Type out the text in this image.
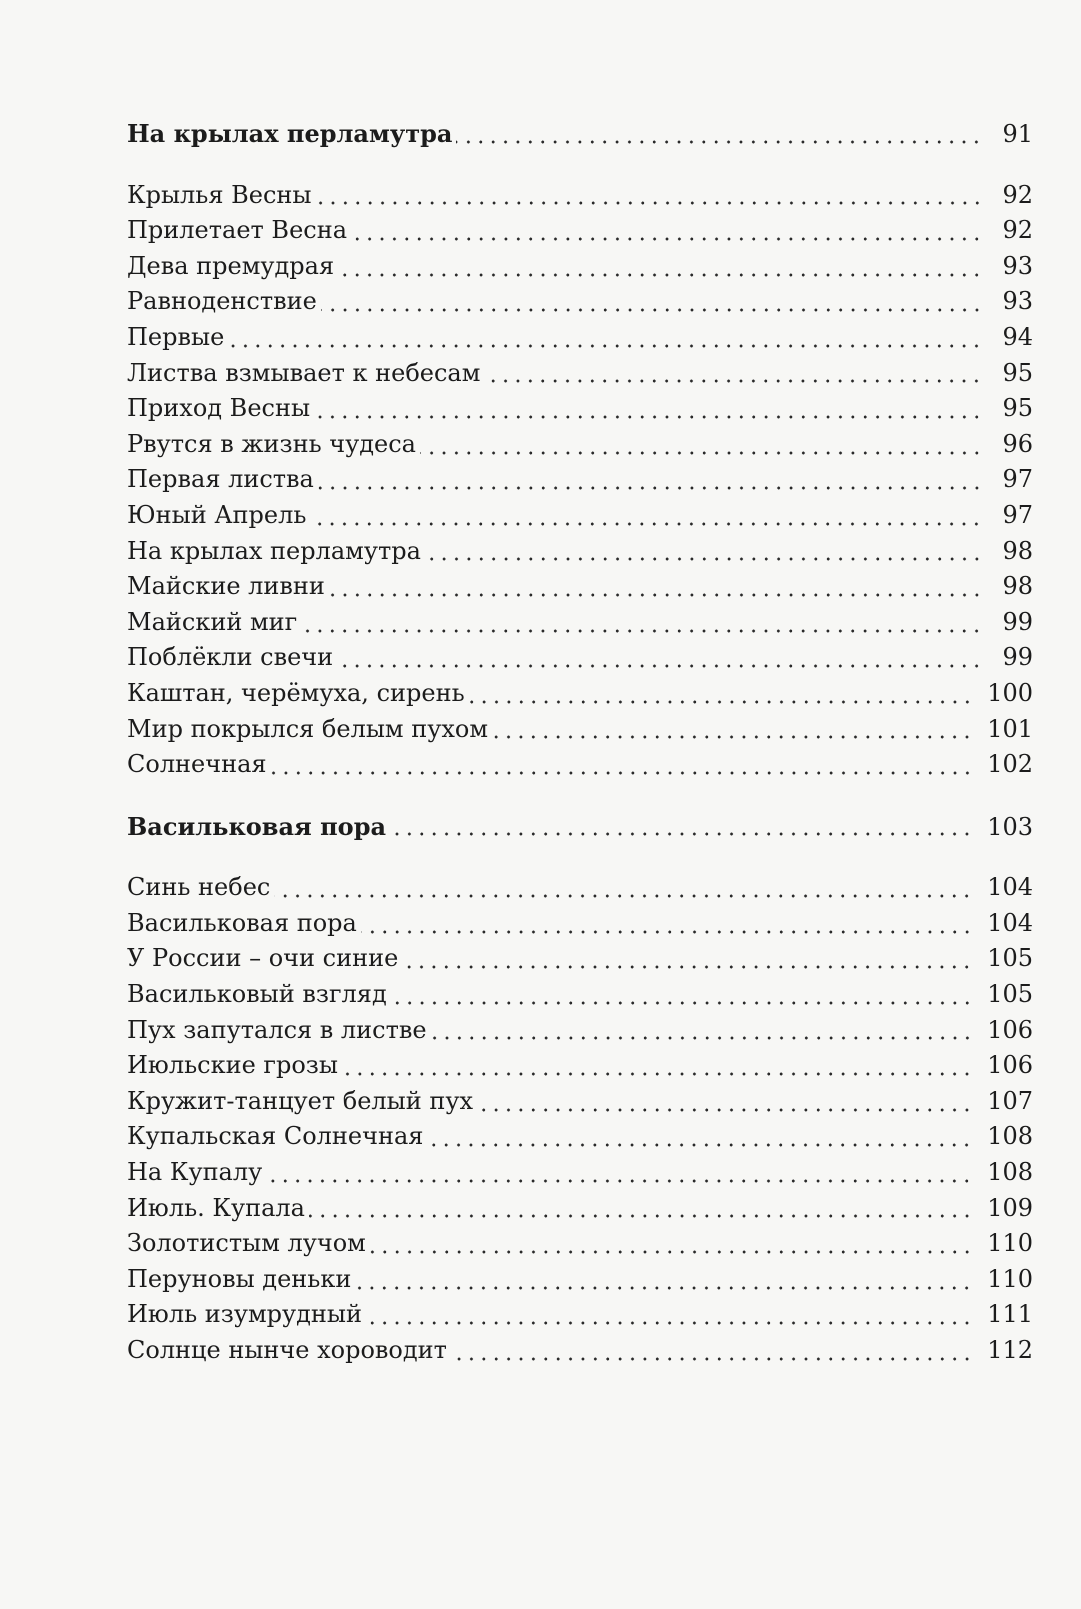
На крылах перламутра	91
Крылья Весны	92
Прилетает Весна	92
Дева премудрая	93
Равноденствие	93
Первые	94
Листва взмывает к небесам	95
Приход Весны	95
Рвутся в жизнь чудеса	96
Первая листва	97
Юный Апрель	97
На крылах перламутра	98
Майские ливни	98
Майский миг	99
Поблёкли свечи	99
Каштан, черёмуха, сирень	100
Мир покрылся белым пухом	101
Солнечная	102
Васильковая пора	103
Синь небес	104
Васильковая пора	104
У России – очи синие	105
Васильковый взгляд	105
Пух запутался в листве	106
Июльские грозы	106
Кружит-танцует белый пух	107
Купальская Солнечная	108
На Купалу	108
Июль. Купала	109
Золотистым лучом	110
Перуновы деньки	110
Июль изумрудный	111
Солнце нынче хороводит	112
